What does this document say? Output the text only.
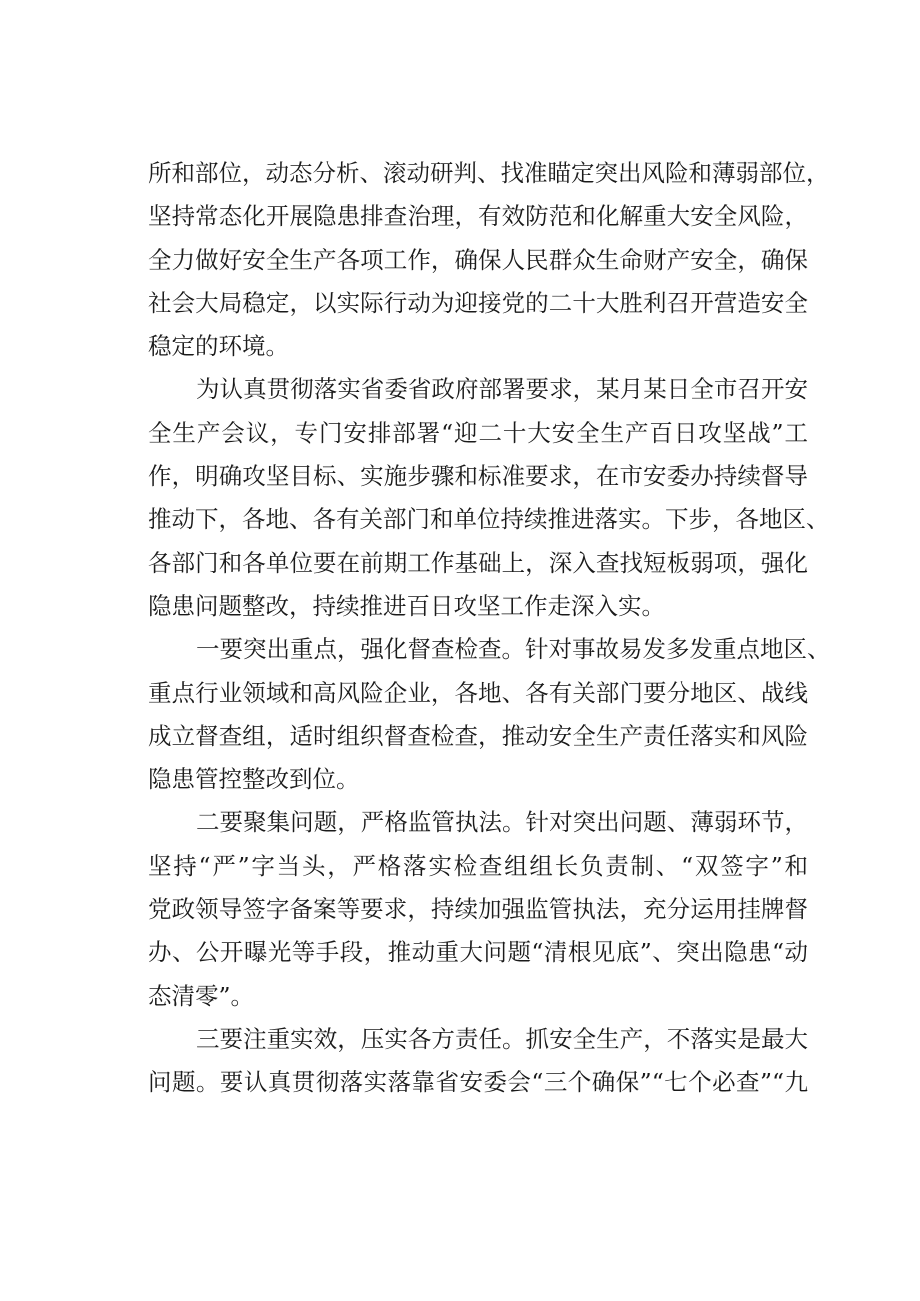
所和部位，动态分析、滚动研判、找准瞄定突出风险和薄弱部位，
坚持常态化开展隐患排查治理，有效防范和化解重大安全风险，
全力做好安全生产各项工作，确保人民群众生命财产安全，确保
社会大局稳定，以实际行动为迎接党的二十大胜利召开营造安全
稳定的环境。
为认真贯彻落实省委省政府部署要求，某月某日全市召开安
全生产会议，专门安排部署“迎二十大安全生产百日攻坚战”工
作，明确攻坚目标、实施步骤和标准要求，在市安委办持续督导
推动下，各地、各有关部门和单位持续推进落实。下步，各地区、
各部门和各单位要在前期工作基础上，深入查找短板弱项，强化
隐患问题整改，持续推进百日攻坚工作走深入实。
一要突出重点，强化督查检查。针对事故易发多发重点地区、
重点行业领域和高风险企业，各地、各有关部门要分地区、战线
成立督查组，适时组织督查检查，推动安全生产责任落实和风险
隐患管控整改到位。
二要聚集问题，严格监管执法。针对突出问题、薄弱环节，
坚持“严”字当头，严格落实检查组组长负责制、“双签字”和
党政领导签字备案等要求，持续加强监管执法，充分运用挂牌督
办、公开曝光等手段，推动重大问题“清根见底”、突出隐患“动
态清零”。
三要注重实效，压实各方责任。抓安全生产，不落实是最大
问题。要认真贯彻落实落靠省安委会“三个确保”“七个必查”“九
